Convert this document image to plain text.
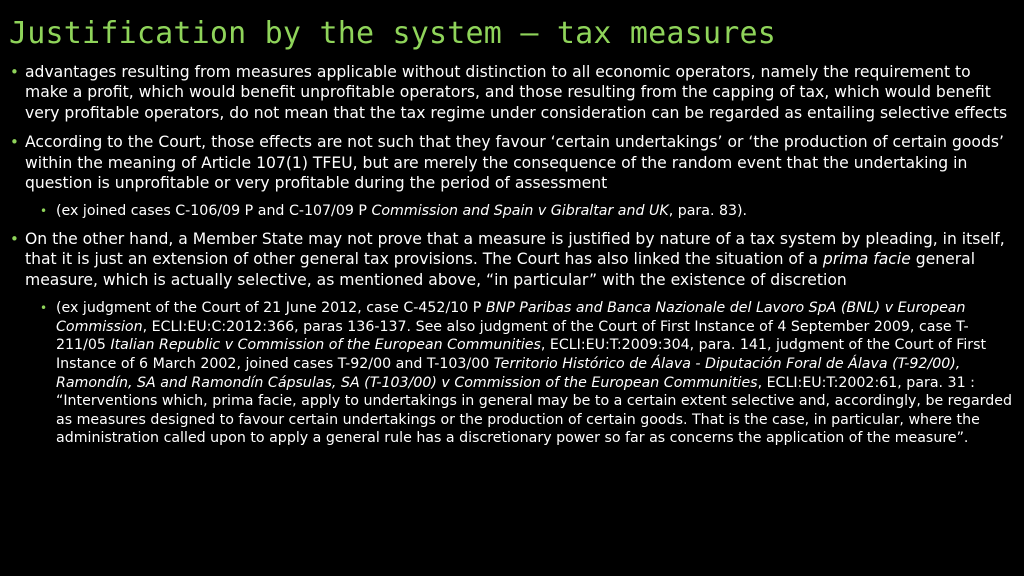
Justification by the system – tax measures
• advantages resulting from measures applicable without distinction to all economic operators, namely the requirement to make a profit, which would benefit unprofitable operators, and those resulting from the capping of tax, which would benefit very profitable operators, do not mean that the tax regime under consideration can be regarded as entailing selective effects
• According to the Court, those effects are not such that they favour ‘certain undertakings’ or ‘the production of certain goods’ within the meaning of Article 107(1) TFEU, but are merely the consequence of the random event that the undertaking in question is unprofitable or very profitable during the period of assessment
• (ex joined cases C-106/09 P and C-107/09 P Commission and Spain v Gibraltar and UK, para. 83).
• On the other hand, a Member State may not prove that a measure is justified by nature of a tax system by pleading, in itself, that it is just an extension of other general tax provisions. The Court has also linked the situation of a prima facie general measure, which is actually selective, as mentioned above, “in particular” with the existence of discretion
• (ex judgment of the Court of 21 June 2012, case C-452/10 P BNP Paribas and Banca Nazionale del Lavoro SpA (BNL) v European Commission, ECLI:EU:C:2012:366, paras 136-137. See also judgment of the Court of First Instance of 4 September 2009, case T-211/05 Italian Republic v Commission of the European Communities, ECLI:EU:T:2009:304, para. 141, judgment of the Court of First Instance of 6 March 2002, joined cases T-92/00 and T-103/00 Territorio Histórico de Álava - Diputación Foral de Álava (T-92/00), Ramondín, SA and Ramondín Cápsulas, SA (T-103/00) v Commission of the European Communities, ECLI:EU:T:2002:61, para. 31 : “Interventions which, prima facie, apply to undertakings in general may be to a certain extent selective and, accordingly, be regarded as measures designed to favour certain undertakings or the production of certain goods. That is the case, in particular, where the administration called upon to apply a general rule has a discretionary power so far as concerns the application of the measure”.
